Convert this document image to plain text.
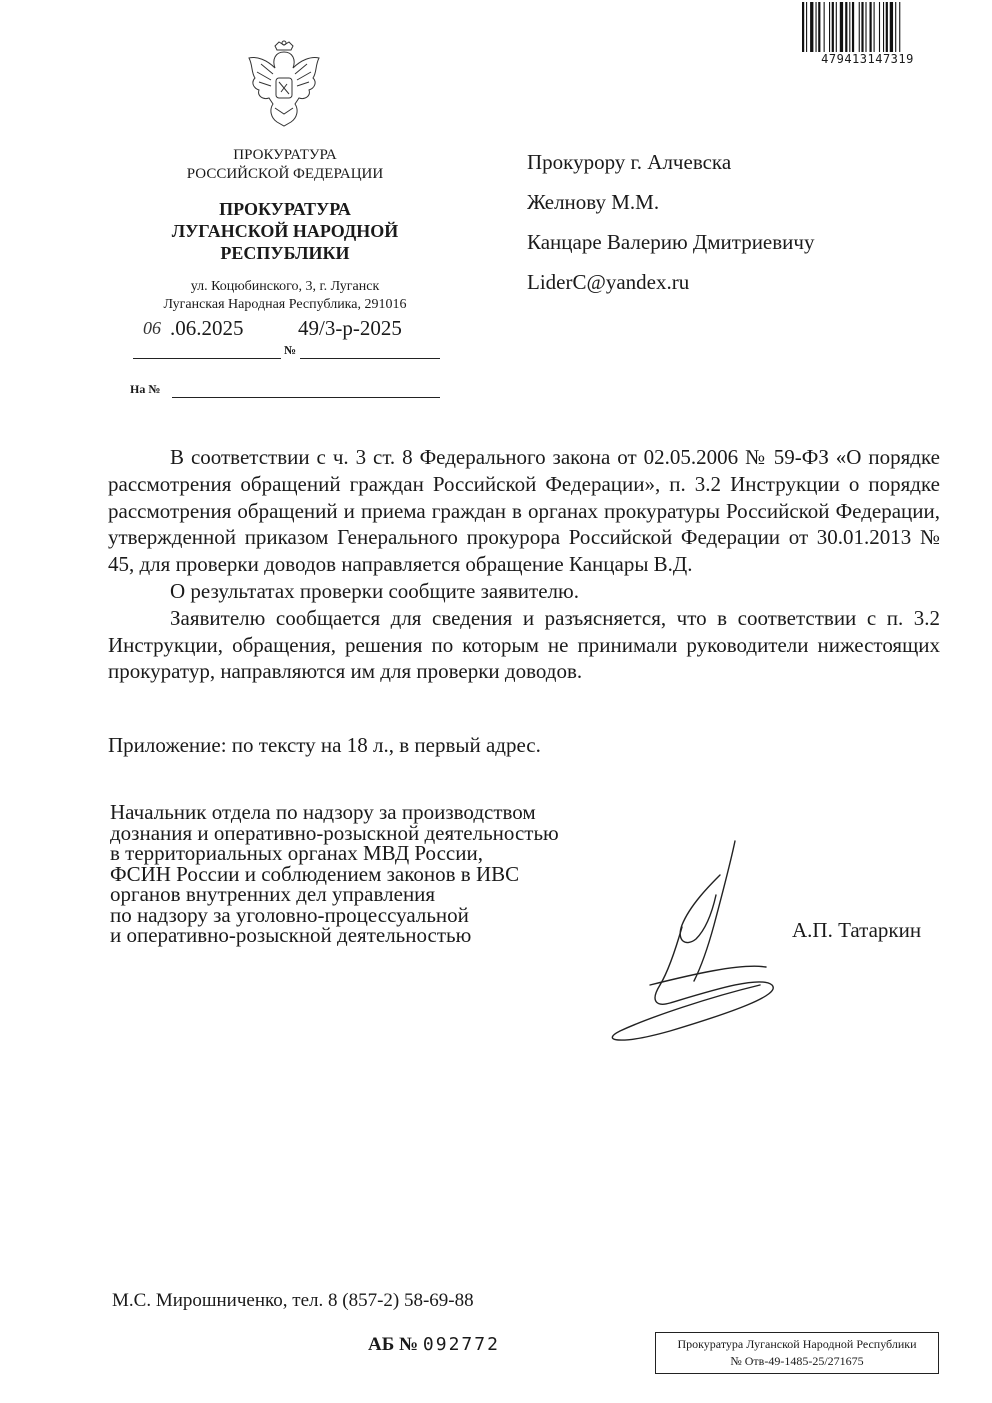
479413147319
ПРОКУРАТУРА
РОССИЙСКОЙ ФЕДЕРАЦИИ
ПРОКУРАТУРА
ЛУГАНСКОЙ НАРОДНОЙ
РЕСПУБЛИКИ
ул. Коцюбинского, 3, г. Луганск
Луганская Народная Республика, 291016
06 .06.2025	49/3-р-2025
№
На №
Прокурору г. Алчевска
Желнову М.М.
Канцаре Валерию Дмитриевичу
LiderC@yandex.ru

В соответствии с ч. 3 ст. 8 Федерального закона от 02.05.2006 № 59-ФЗ «О порядке рассмотрения обращений граждан Российской Федерации», п. 3.2 Инструкции о порядке рассмотрения обращений и приема граждан в органах прокуратуры Российской Федерации, утвержденной приказом Генерального прокурора Российской Федерации от 30.01.2013 № 45, для проверки доводов направляется обращение Канцары В.Д.

О результатах проверки сообщите заявителю.

Заявителю сообщается для сведения и разъясняется, что в соответствии с п. 3.2 Инструкции, обращения, решения по которым не принимали руководители нижестоящих прокуратур, направляются им для проверки доводов.

Приложение: по тексту на 18 л., в первый адрес.
Начальник отдела по надзору за производством
дознания и оперативно-розыскной деятельностью
в территориальных органах МВД России,
ФСИН России и соблюдением законов в ИВС
органов внутренних дел управления
по надзору за уголовно-процессуальной
и оперативно-розыскной деятельностью	А.П. Татаркин
М.С. Мирошниченко, тел. 8 (857-2) 58-69-88
АБ № 092772	Прокуратура Луганской Народной Республики
№ Отв-49-1485-25/271675
